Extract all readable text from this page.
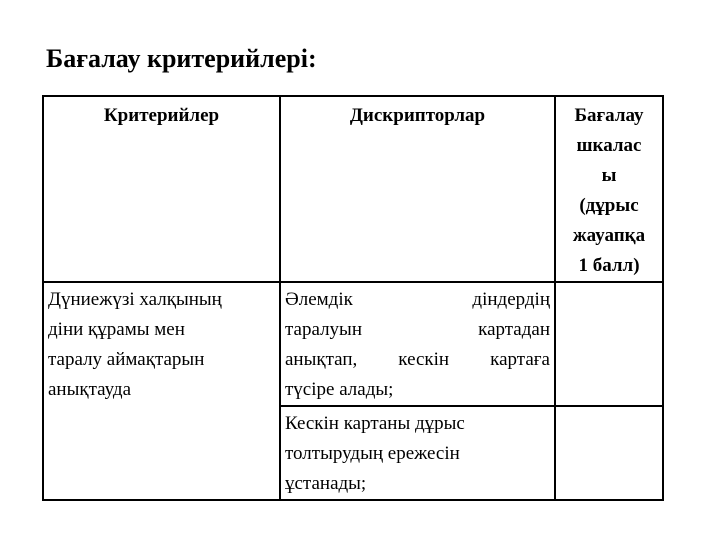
Бағалау критерийлері:
Критерийлер	Дискрипторлар	Бағалау
шкалас
ы
(дұрыс
жауапқа
1 балл)

Дүниежүзі халқының
діни құрамы мен
таралу аймақтарын
анықтауда	Әлемдік діндердің
таралуын картадан
анықтап, кескін картаға
түсіре алады;	

	Кескін картаны дұрыс
толтырудың ережесін
ұстанады;	
